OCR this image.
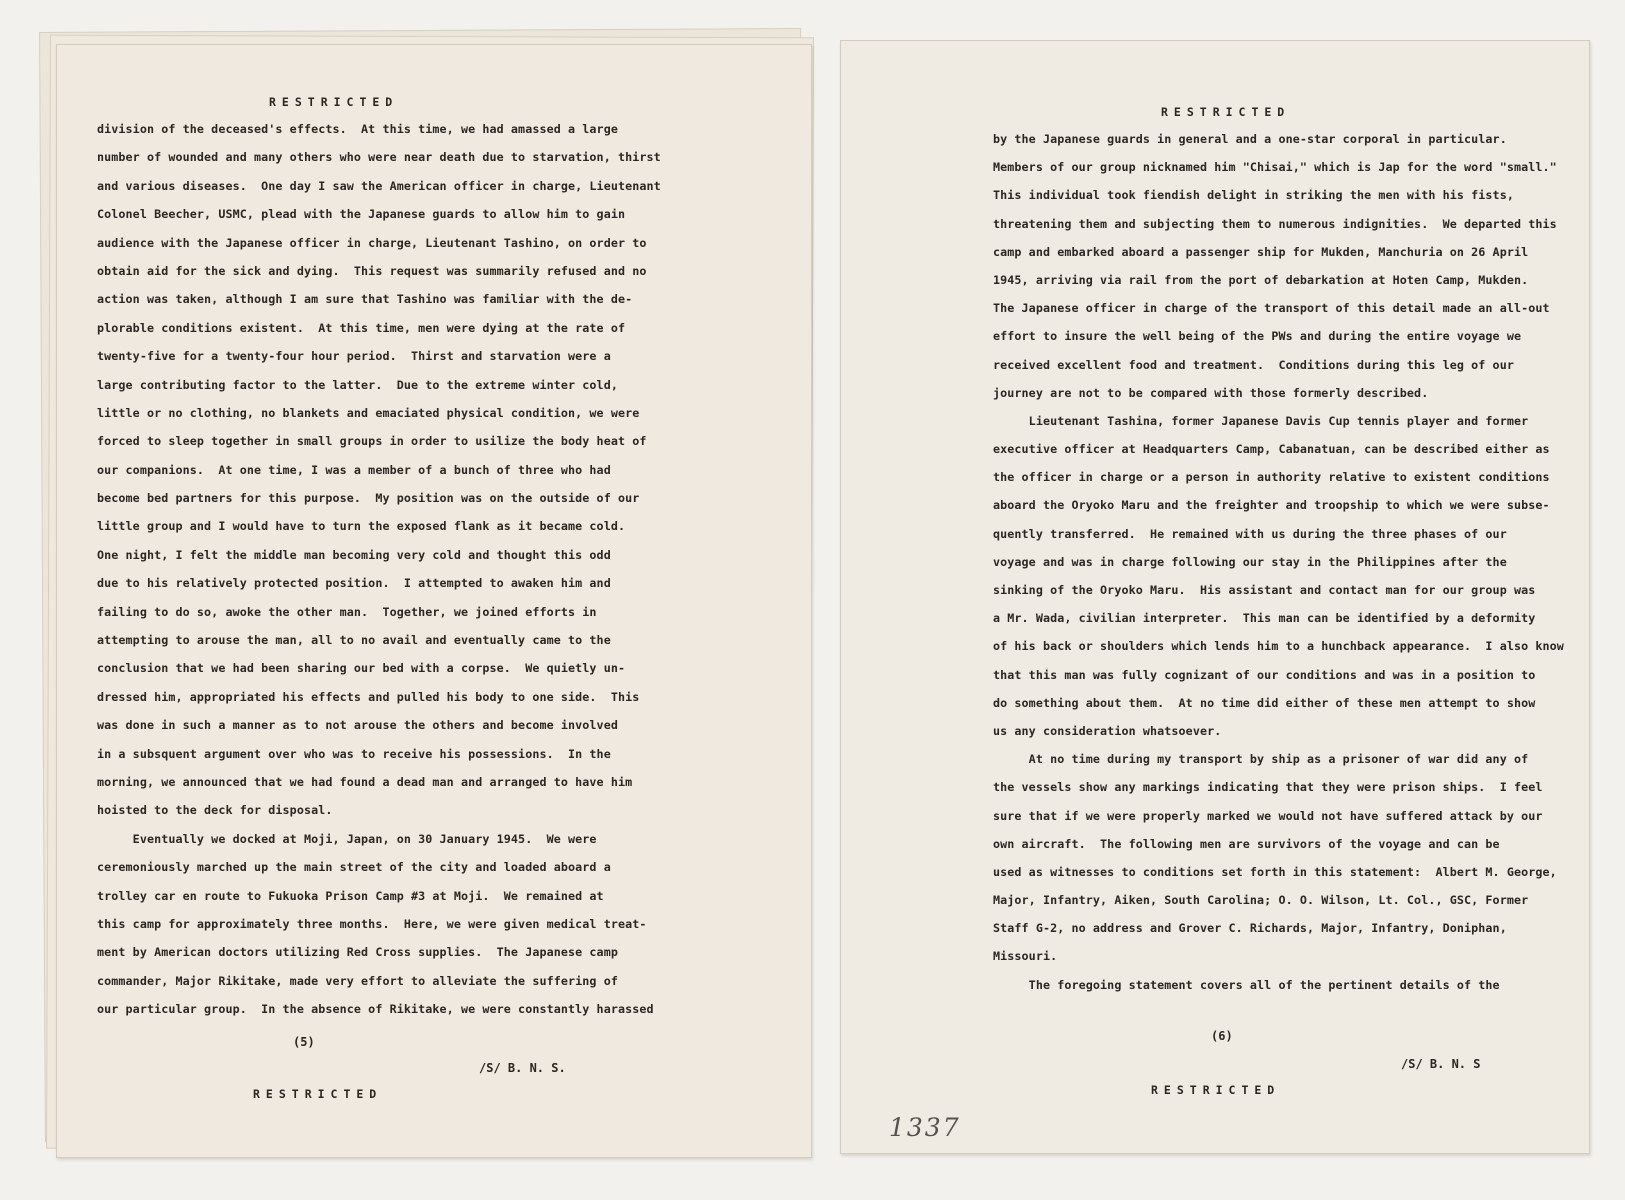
RESTRICTED
division of the deceased's effects.  At this time, we had amassed a large
number of wounded and many others who were near death due to starvation, thirst
and various diseases.  One day I saw the American officer in charge, Lieutenant
Colonel Beecher, USMC, plead with the Japanese guards to allow him to gain
audience with the Japanese officer in charge, Lieutenant Tashino, on order to
obtain aid for the sick and dying.  This request was summarily refused and no
action was taken, although I am sure that Tashino was familiar with the de-
plorable conditions existent.  At this time, men were dying at the rate of
twenty-five for a twenty-four hour period.  Thirst and starvation were a
large contributing factor to the latter.  Due to the extreme winter cold,
little or no clothing, no blankets and emaciated physical condition, we were
forced to sleep together in small groups in order to usilize the body heat of
our companions.  At one time, I was a member of a bunch of three who had
become bed partners for this purpose.  My position was on the outside of our
little group and I would have to turn the exposed flank as it became cold.
One night, I felt the middle man becoming very cold and thought this odd
due to his relatively protected position.  I attempted to awaken him and
failing to do so, awoke the other man.  Together, we joined efforts in
attempting to arouse the man, all to no avail and eventually came to the
conclusion that we had been sharing our bed with a corpse.  We quietly un-
dressed him, appropriated his effects and pulled his body to one side.  This
was done in such a manner as to not arouse the others and become involved
in a subsquent argument over who was to receive his possessions.  In the
morning, we announced that we had found a dead man and arranged to have him
hoisted to the deck for disposal.
Eventually we docked at Moji, Japan, on 30 January 1945.  We were
ceremoniously marched up the main street of the city and loaded aboard a
trolley car en route to Fukuoka Prison Camp #3 at Moji.  We remained at
this camp for approximately three months.  Here, we were given medical treat-
ment by American doctors utilizing Red Cross supplies.  The Japanese camp
commander, Major Rikitake, made very effort to alleviate the suffering of
our particular group.  In the absence of Rikitake, we were constantly harassed
(5)
/S/ B. N. S.
RESTRICTED
RESTRICTED
by the Japanese guards in general and a one-star corporal in particular.
Members of our group nicknamed him "Chisai," which is Jap for the word "small."
This individual took fiendish delight in striking the men with his fists,
threatening them and subjecting them to numerous indignities.  We departed this
camp and embarked aboard a passenger ship for Mukden, Manchuria on 26 April
1945, arriving via rail from the port of debarkation at Hoten Camp, Mukden.
The Japanese officer in charge of the transport of this detail made an all-out
effort to insure the well being of the PWs and during the entire voyage we
received excellent food and treatment.  Conditions during this leg of our
journey are not to be compared with those formerly described.
Lieutenant Tashina, former Japanese Davis Cup tennis player and former
executive officer at Headquarters Camp, Cabanatuan, can be described either as
the officer in charge or a person in authority relative to existent conditions
aboard the Oryoko Maru and the freighter and troopship to which we were subse-
quently transferred.  He remained with us during the three phases of our
voyage and was in charge following our stay in the Philippines after the
sinking of the Oryoko Maru.  His assistant and contact man for our group was
a Mr. Wada, civilian interpreter.  This man can be identified by a deformity
of his back or shoulders which lends him to a hunchback appearance.  I also know
that this man was fully cognizant of our conditions and was in a position to
do something about them.  At no time did either of these men attempt to show
us any consideration whatsoever.
At no time during my transport by ship as a prisoner of war did any of
the vessels show any markings indicating that they were prison ships.  I feel
sure that if we were properly marked we would not have suffered attack by our
own aircraft.  The following men are survivors of the voyage and can be
used as witnesses to conditions set forth in this statement:  Albert M. George,
Major, Infantry, Aiken, South Carolina; O. O. Wilson, Lt. Col., GSC, Former
Staff G-2, no address and Grover C. Richards, Major, Infantry, Doniphan,
Missouri.
The foregoing statement covers all of the pertinent details of the
(6)
/S/ B. N. S
RESTRICTED
1337
